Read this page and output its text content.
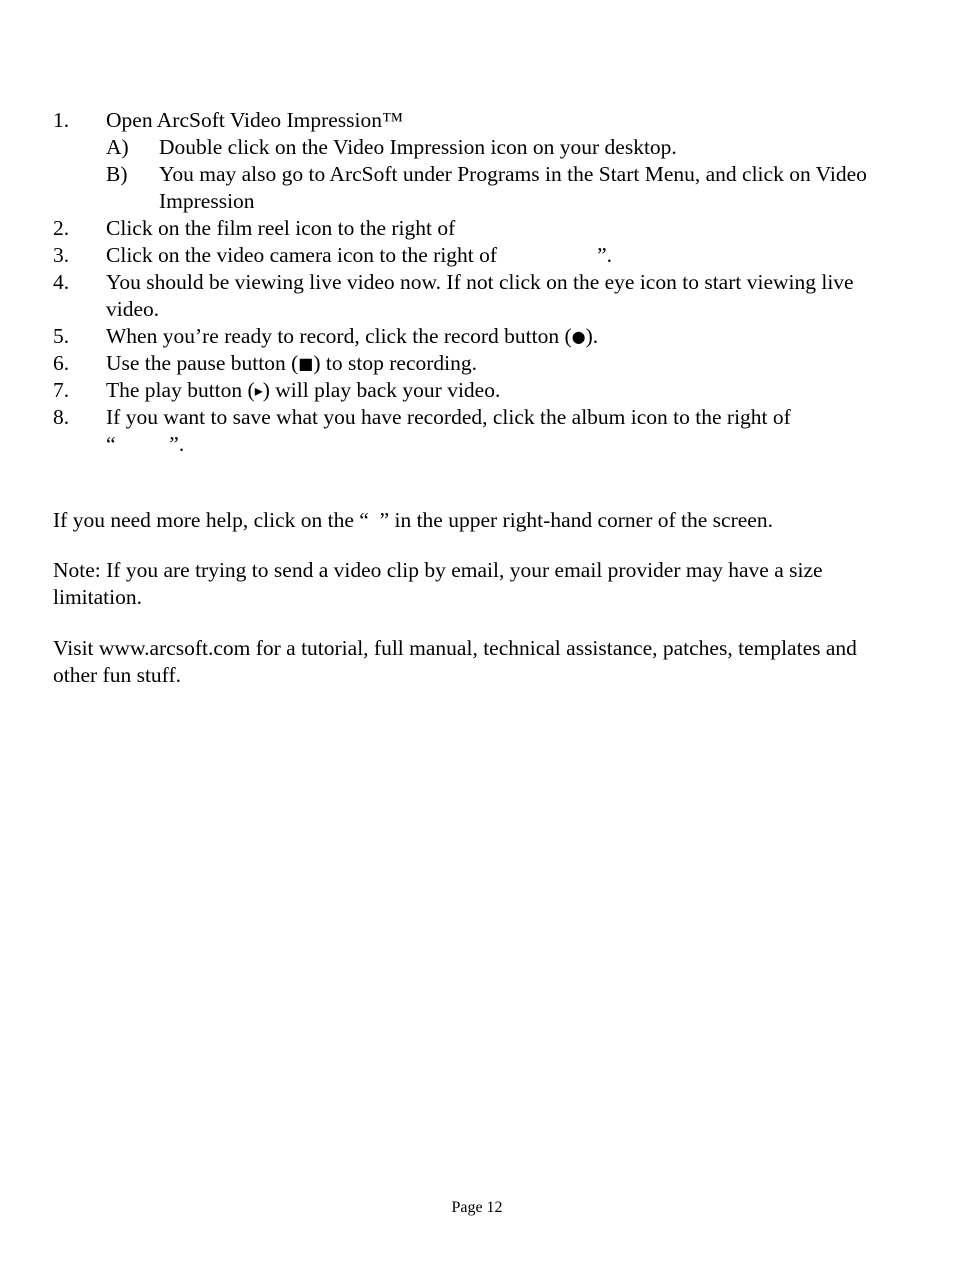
1. Open ArcSoft Video Impression™
A) Double click on the Video Impression icon on your desktop.
B) You may also go to ArcSoft under Programs in the Start Menu, and click on Video Impression
2. Click on the film reel icon to the right of
3. Click on the video camera icon to the right of	”.
4. You should be viewing live video now. If not click on the eye icon to start viewing live video.
5. When you’re ready to record, click the record button (●).
6. Use the pause button (■) to stop recording.
7. The play button (▸) will play back your video.
8. If you want to save what you have recorded, click the album icon to the right of
“          ”.

If you need more help, click on the “  ” in the upper right-hand corner of the screen.

Note: If you are trying to send a video clip by email, your email provider may have a size limitation.

Visit www.arcsoft.com for a tutorial, full manual, technical assistance, patches, templates and other fun stuff.

Page 12
